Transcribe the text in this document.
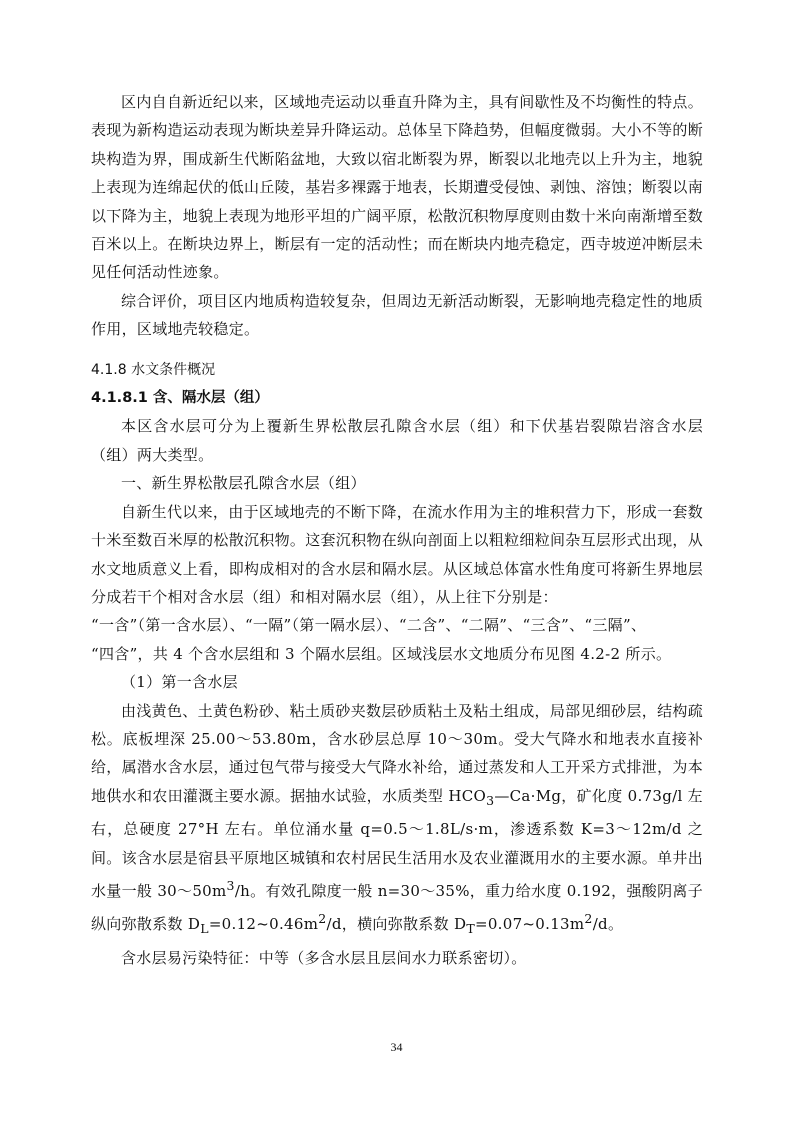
区内自自新近纪以来，区域地壳运动以垂直升降为主，具有间歇性及不均衡性的特点。表现为新构造运动表现为断块差异升降运动。总体呈下降趋势，但幅度微弱。大小不等的断块构造为界，围成新生代断陷盆地，大致以宿北断裂为界，断裂以北地壳以上升为主，地貌上表现为连绵起伏的低山丘陵，基岩多裸露于地表，长期遭受侵蚀、剥蚀、溶蚀；断裂以南以下降为主，地貌上表现为地形平坦的广阔平原，松散沉积物厚度则由数十米向南渐增至数百米以上。在断块边界上，断层有一定的活动性；而在断块内地壳稳定，西寺坡逆冲断层未见任何活动性迹象。

综合评价，项目区内地质构造较复杂，但周边无新活动断裂，无影响地壳稳定性的地质作用，区域地壳较稳定。

4.1.8 水文条件概况
4.1.8.1 含、隔水层（组）

本区含水层可分为上覆新生界松散层孔隙含水层（组）和下伏基岩裂隙岩溶含水层（组）两大类型。

一、新生界松散层孔隙含水层（组）

自新生代以来，由于区域地壳的不断下降，在流水作用为主的堆积营力下，形成一套数十米至数百米厚的松散沉积物。这套沉积物在纵向剖面上以粗粒细粒间杂互层形式出现，从水文地质意义上看，即构成相对的含水层和隔水层。从区域总体富水性角度可将新生界地层分成若干个相对含水层（组）和相对隔水层（组），从上往下分别是：

“一含”（第一含水层）、“一隔”（第一隔水层）、“二含”、“二隔”、“三含”、“三隔”、

“四含”，共 4 个含水层组和 3 个隔水层组。区域浅层水文地质分布见图 4.2-2 所示。

（1）第一含水层

由浅黄色、土黄色粉砂、粘土质砂夹数层砂质粘土及粘土组成，局部见细砂层，结构疏松。底板埋深 25.00～53.80m，含水砂层总厚 10～30m。受大气降水和地表水直接补给，属潜水含水层，通过包气带与接受大气降水补给，通过蒸发和人工开采方式排泄，为本地供水和农田灌溉主要水源。据抽水试验，水质类型 $HCO_3—Ca\cdot Mg$，矿化度 0.73g/l 左右，总硬度 27°H 左右。单位涌水量 q=0.5～1.8L/s·m，渗透系数 K=3～12m/d 之间。该含水层是宿县平原地区城镇和农村居民生活用水及农业灌溉用水的主要水源。单井出水量一般 $30\sim 50m^3/h$。有效孔隙度一般 n=30～35%，重力给水度 0.192，强酸阴离子纵向弥散系数 $D_L=0.12\sim 0.46m^2/d$，横向弥散系数 $D_T=0.07\sim 0.13m^2/d$。

含水层易污染特征：中等（多含水层且层间水力联系密切）。

34
